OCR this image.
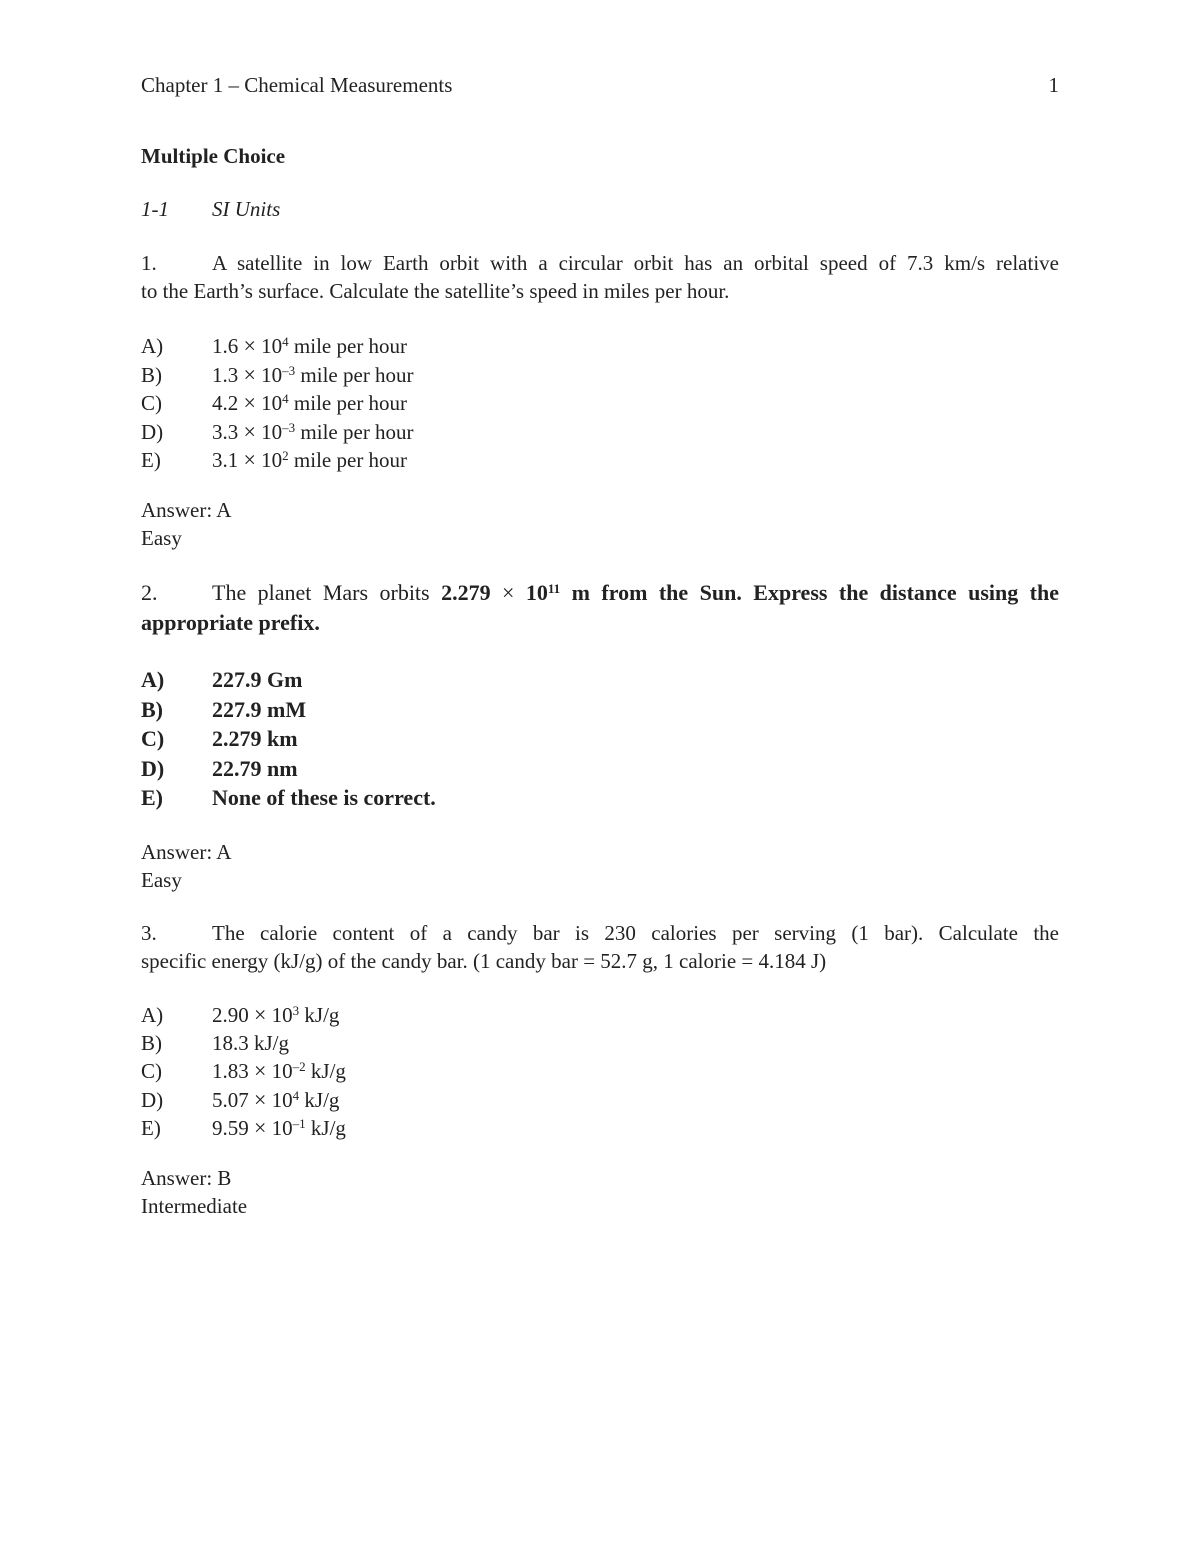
Chapter 1 – Chemical Measurements	1
Multiple Choice
1-1 SI Units
1.	A satellite in low Earth orbit with a circular orbit has an orbital speed of 7.3 km/s relative
to the Earth’s surface. Calculate the satellite’s speed in miles per hour.
A) $1.6 \times 10^4$ mile per hour
B) $1.3 \times 10^{-3}$ mile per hour
C) $4.2 \times 10^4$ mile per hour
D) $3.3 \times 10^{-3}$ mile per hour
E) $3.1 \times 10^2$ mile per hour
Answer: A
Easy
2. The planet Mars orbits $2.279 \times 10^{11}$ m from the Sun. Express the distance using the
appropriate prefix.
A) 227.9 Gm
B) 227.9 mM
C) 2.279 km
D) 22.79 nm
E) None of these is correct.
Answer: A
Easy
3.	The calorie content of a candy bar is 230 calories per serving (1 bar). Calculate the
specific energy (kJ/g) of the candy bar. (1 candy bar = 52.7 g, 1 calorie = 4.184 J)
A) $2.90 \times 10^3$ kJ/g
B) 18.3 kJ/g
C) $1.83 \times 10^{-2}$ kJ/g
D) $5.07 \times 10^4$ kJ/g
E) $9.59 \times 10^{-1}$ kJ/g
Answer: B
Intermediate
